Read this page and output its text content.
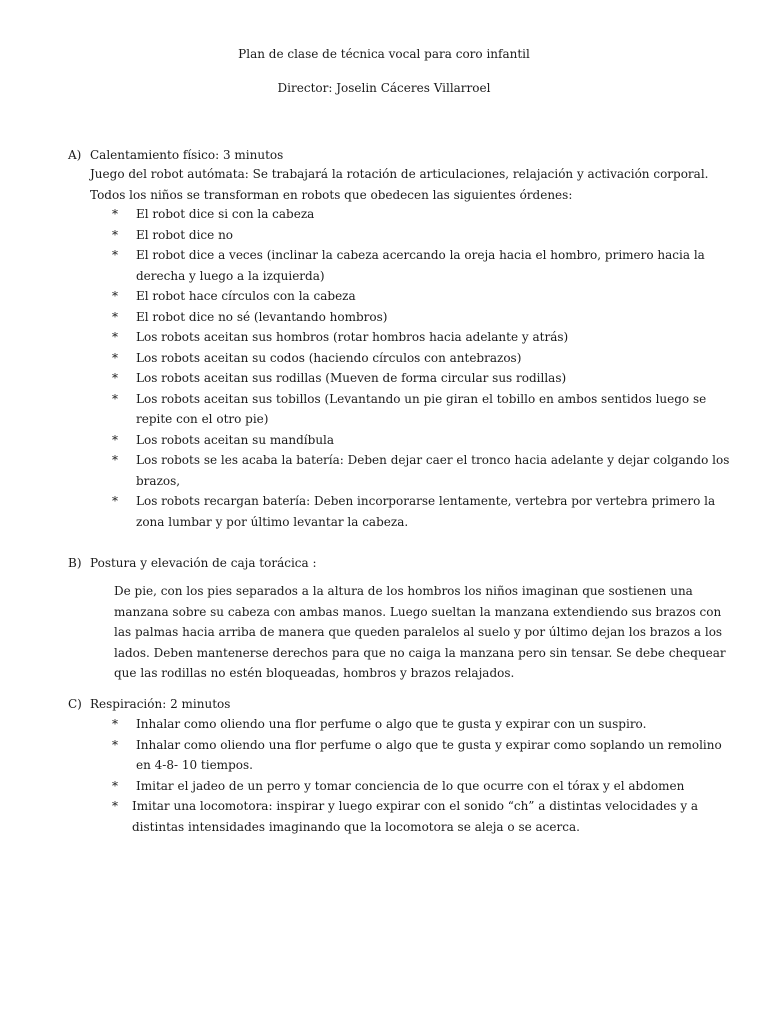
Plan de clase de técnica vocal para coro infantil
Director: Joselin Cáceres Villarroel
A) Calentamiento físico: 3 minutos
Juego del robot autómata: Se trabajará la rotación de articulaciones, relajación y activación corporal. Todos los niños se transforman en robots que obedecen las siguientes órdenes:
* El robot dice si con la cabeza
* El robot dice no
* El robot dice a veces (inclinar la cabeza acercando la oreja hacia el hombro, primero hacia la derecha y luego a la izquierda)
* El robot hace círculos con la cabeza
* El robot dice no sé (levantando hombros)
* Los robots aceitan sus hombros (rotar hombros hacia adelante y atrás)
* Los robots aceitan su codos (haciendo círculos con antebrazos)
* Los robots aceitan sus rodillas (Mueven de forma circular sus rodillas)
* Los robots aceitan sus tobillos (Levantando un pie giran el tobillo en ambos sentidos luego se repite con el otro pie)
* Los robots aceitan su mandíbula
* Los robots se les acaba la batería: Deben dejar caer el tronco hacia adelante y dejar colgando los brazos,
* Los robots recargan batería: Deben incorporarse lentamente, vertebra por vertebra primero la zona lumbar y por último levantar la cabeza.
B) Postura y elevación de caja torácica :
De pie, con los pies separados a la altura de los hombros los niños imaginan que sostienen una manzana sobre su cabeza con ambas manos. Luego sueltan la manzana extendiendo sus brazos con las palmas hacia arriba de manera que queden paralelos al suelo y por último dejan los brazos a los lados. Deben mantenerse derechos para que no caiga la manzana pero sin tensar. Se debe chequear que las rodillas no estén bloqueadas, hombros y brazos relajados.
C) Respiración: 2 minutos
* Inhalar como oliendo una flor perfume o algo que te gusta y expirar con un suspiro.
* Inhalar como oliendo una flor perfume o algo que te gusta y expirar como soplando un remolino en 4-8- 10 tiempos.
* Imitar el jadeo de un perro y tomar conciencia de lo que ocurre con el tórax y el abdomen
* Imitar una locomotora: inspirar y luego expirar con el sonido “ch” a distintas velocidades y a distintas intensidades imaginando que la locomotora se aleja o se acerca.
